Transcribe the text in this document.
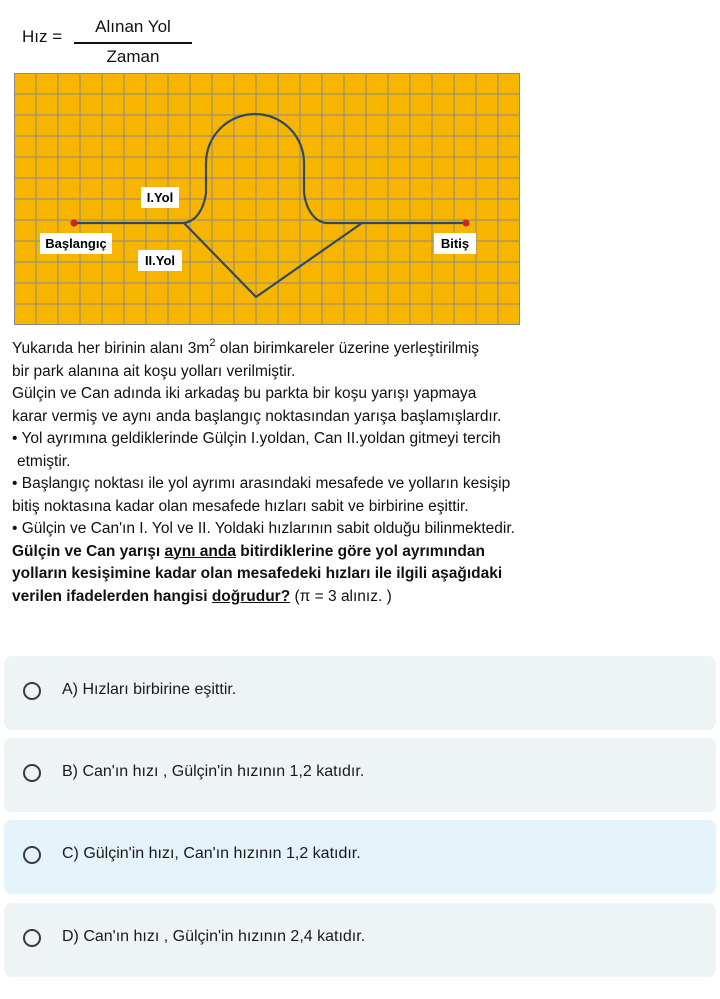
Hız =
Alınan Yol
Zaman
I.Yol
Başlangıç
II.Yol
Bitiş
Yukarıda her birinin alanı $3m^2$ olan birimkareler üzerine yerleştirilmiş
bir park alanına ait koşu yolları verilmiştir.
Gülçin ve Can adında iki arkadaş bu parkta bir koşu yarışı yapmaya
karar vermiş ve aynı anda başlangıç noktasından yarışa başlamışlardır.
• Yol ayrımına geldiklerinde Gülçin I.yoldan, Can II.yoldan gitmeyi tercih
etmiştir.
• Başlangıç noktası ile yol ayrımı arasındaki mesafede ve yolların kesişip
bitiş noktasına kadar olan mesafede hızları sabit ve birbirine eşittir.
• Gülçin ve Can'ın I. Yol ve II. Yoldaki hızlarının sabit olduğu bilinmektedir.
Gülçin ve Can yarışı aynı anda bitirdiklerine göre yol ayrımından
yolların kesişimine kadar olan mesafedeki hızları ile ilgili aşağıdaki
verilen ifadelerden hangisi doğrudur? (π = 3 alınız. )
A) Hızları birbirine eşittir.
B) Can'ın hızı , Gülçin'in hızının 1,2 katıdır.
C) Gülçin'in hızı, Can'ın hızının 1,2 katıdır.
D) Can'ın hızı , Gülçin'in hızının 2,4 katıdır.
